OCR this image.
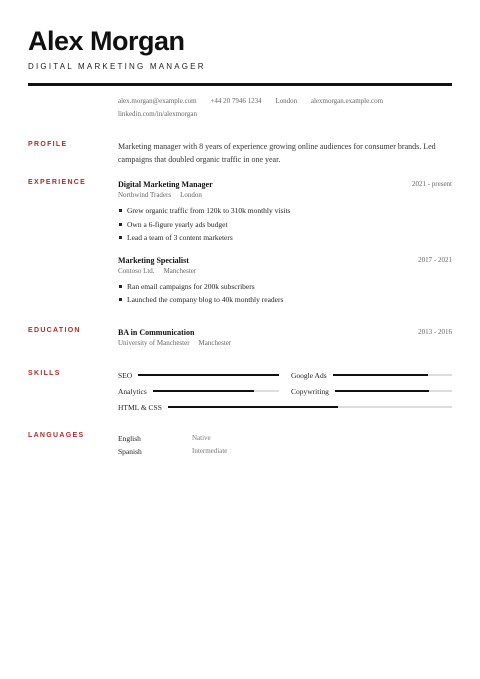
Alex Morgan
DIGITAL MARKETING MANAGER
alex.morgan@example.com +44 20 7946 1234 London alexmorgan.example.com
linkedin.com/in/alexmorgan
PROFILE	Marketing manager with 8 years of experience growing online audiences for consumer brands. Led campaigns that doubled organic traffic in one year.
EXPERIENCE	Digital Marketing Manager	2021 - present
Northwind Traders London
Grew organic traffic from 120k to 310k monthly visits
Own a 6-figure yearly ads budget
Lead a team of 3 content marketers
Marketing Specialist	2017 - 2021
Contoso Ltd. Manchester
Ran email campaigns for 200k subscribers
Launched the company blog to 40k monthly readers
EDUCATION	BA in Communication	2013 - 2016
University of Manchester Manchester
SKILLS	SEO	Google Ads
Analytics	Copywriting
HTML & CSS
LANGUAGES	English	Native
Spanish	Intermediate
